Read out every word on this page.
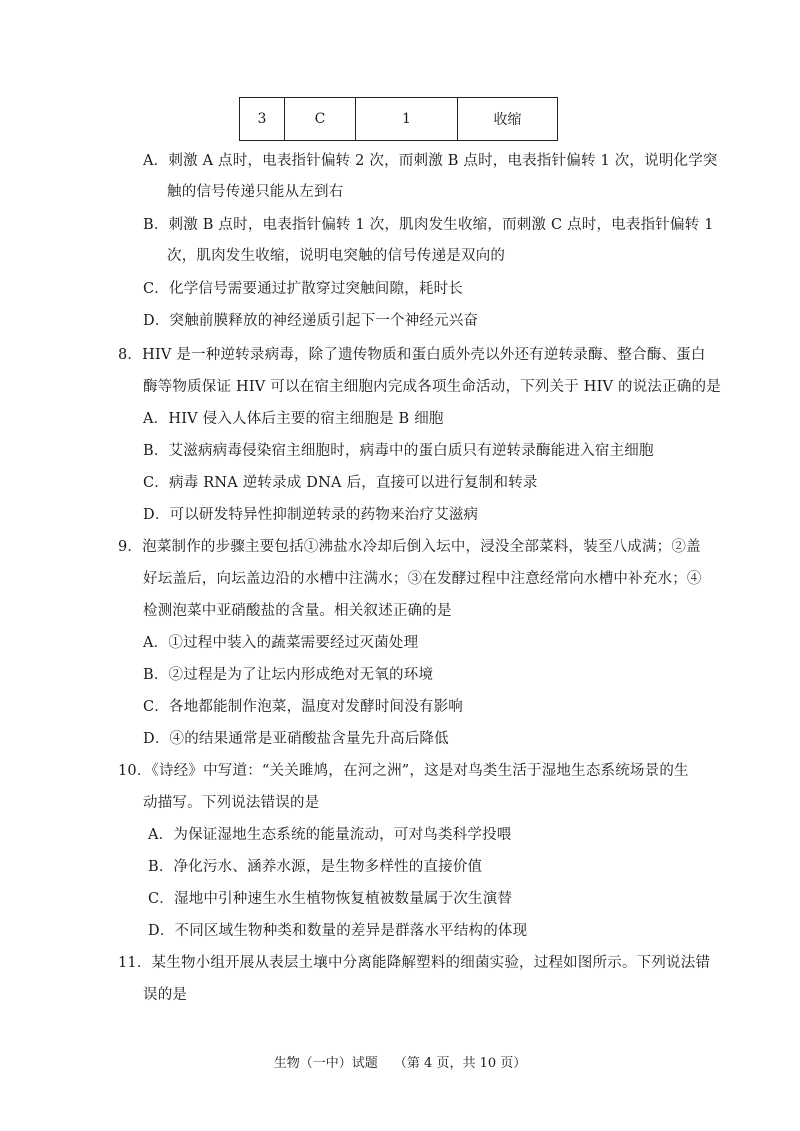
3	C	1	收缩
A．刺激 A 点时，电表指针偏转 2 次，而刺激 B 点时，电表指针偏转 1 次，说明化学突
触的信号传递只能从左到右
B．刺激 B 点时，电表指针偏转 1 次，肌肉发生收缩，而刺激 C 点时，电表指针偏转 1
次，肌肉发生收缩，说明电突触的信号传递是双向的
C．化学信号需要通过扩散穿过突触间隙，耗时长
D．突触前膜释放的神经递质引起下一个神经元兴奋
8．HIV 是一种逆转录病毒，除了遗传物质和蛋白质外壳以外还有逆转录酶、整合酶、蛋白
酶等物质保证 HIV 可以在宿主细胞内完成各项生命活动，下列关于 HIV 的说法正确的是
A．HIV 侵入人体后主要的宿主细胞是 B 细胞
B．艾滋病病毒侵染宿主细胞时，病毒中的蛋白质只有逆转录酶能进入宿主细胞
C．病毒 RNA 逆转录成 DNA 后，直接可以进行复制和转录
D．可以研发特异性抑制逆转录的药物来治疗艾滋病
9．泡菜制作的步骤主要包括①沸盐水冷却后倒入坛中，浸没全部菜料，装至八成满；②盖
好坛盖后，向坛盖边沿的水槽中注满水；③在发酵过程中注意经常向水槽中补充水；④
检测泡菜中亚硝酸盐的含量。相关叙述正确的是
A．①过程中装入的蔬菜需要经过灭菌处理
B．②过程是为了让坛内形成绝对无氧的环境
C．各地都能制作泡菜，温度对发酵时间没有影响
D．④的结果通常是亚硝酸盐含量先升高后降低
10．《诗经》中写道：“关关雎鸠，在河之洲”，这是对鸟类生活于湿地生态系统场景的生
动描写。下列说法错误的是
A．为保证湿地生态系统的能量流动，可对鸟类科学投喂
B．净化污水、涵养水源，是生物多样性的直接价值
C．湿地中引种速生水生植物恢复植被数量属于次生演替
D．不同区域生物种类和数量的差异是群落水平结构的体现
11．某生物小组开展从表层土壤中分离能降解塑料的细菌实验，过程如图所示。下列说法错
误的是
生物（一中）试题 （第 4 页，共 10 页）
